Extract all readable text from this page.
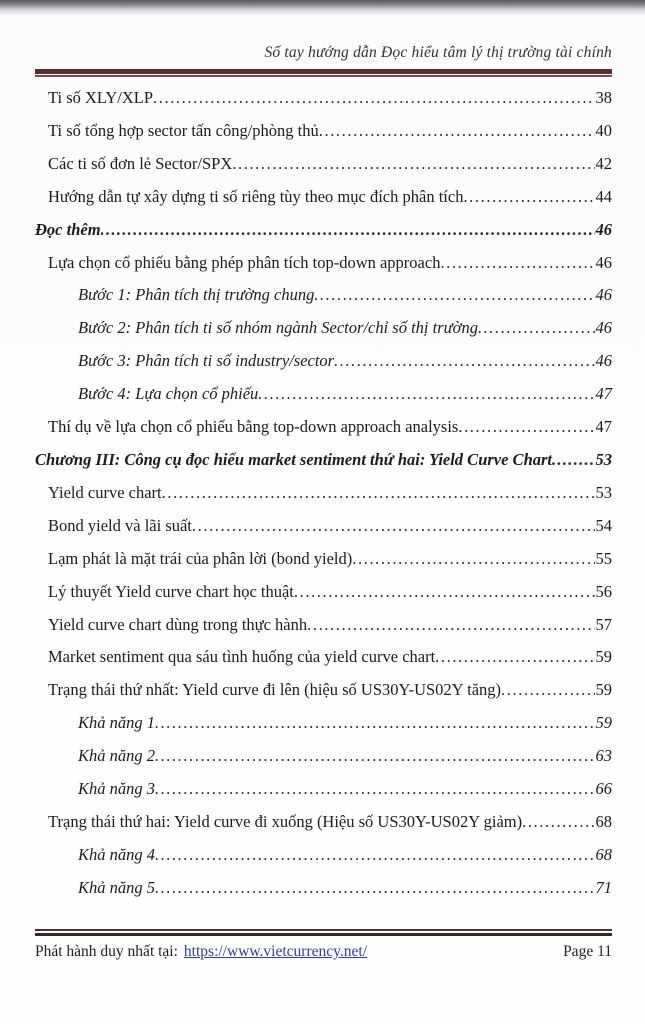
Số tay hướng dẫn Đọc hiểu tâm lý thị trường tài chính
Ti số XLY/XLP .....	38
Ti số tổng hợp sector tấn công/phòng thủ .....	40
Các ti số đơn lẻ Sector/SPX .....	42
Hướng dẫn tự xây dựng ti số riêng tùy theo mục đích phân tích .....	44
Đọc thêm .....	46
Lựa chọn cổ phiếu bằng phép phân tích top-down approach .....	46
Bước 1: Phân tích thị trường chung .....	46
Bước 2: Phân tích ti số nhóm ngành Sector/chỉ số thị trường .....	46
Bước 3: Phân tích ti số industry/sector .....	46
Bước 4: Lựa chọn cổ phiếu .....	47
Thí dụ về lựa chọn cổ phiếu bằng top-down approach analysis .....	47
Chương III: Công cụ đọc hiểu market sentiment thứ hai: Yield Curve Chart .....	53
Yield curve chart .....	53
Bond yield và lãi suất .....	54
Lạm phát là mặt trái của phân lời (bond yield) .....	55
Lý thuyết Yield curve chart học thuật .....	56
Yield curve chart dùng trong thực hành .....	57
Market sentiment qua sáu tình huống của yield curve chart .....	59
Trạng thái thứ nhất: Yield curve đi lên (hiệu số US30Y-US02Y tăng) .....	59
Khả năng 1 .....	59
Khả năng 2 .....	63
Khả năng 3 .....	66
Trạng thái thứ hai: Yield curve đi xuống (Hiệu số US30Y-US02Y giảm) .....	68
Khả năng 4 .....	68
Khả năng 5 .....	71
Phát hành duy nhất tại: https://www.vietcurrency.net/	Page 11
